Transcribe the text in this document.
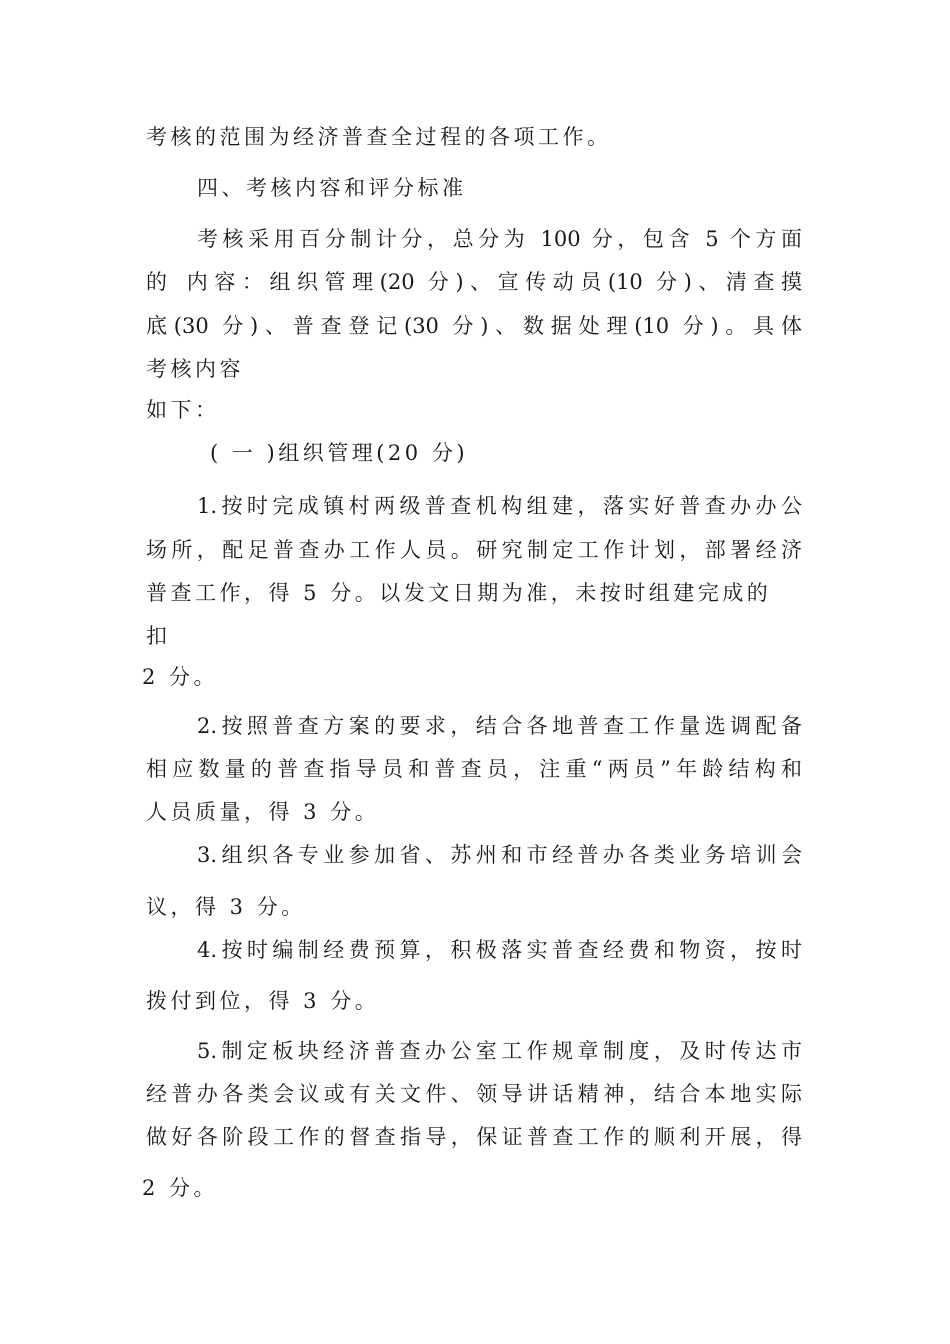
考核的范围为经济普查全过程的各项工作。

四、考核内容和评分标准

考核采用百分制计分，总分为 100 分，包含 5 个方面

的 内容：组织管理(20 分)、宣传动员(10 分)、清查摸

底(30 分)、普查登记(30 分)、数据处理(10 分)。具体

考核内容

如下：

( 一 )组织管理(20 分)

1.按时完成镇村两级普查机构组建，落实好普查办办公

场所，配足普查办工作人员。研究制定工作计划，部署经济

普查工作，得 5 分。以发文日期为准，未按时组建完成的

扣

2 分。

2.按照普查方案的要求，结合各地普查工作量选调配备

相应数量的普查指导员和普查员，注重“两员”年龄结构和

人员质量，得 3 分。

3.组织各专业参加省、苏州和市经普办各类业务培训会

议，得 3 分。

4.按时编制经费预算，积极落实普查经费和物资，按时

拨付到位，得 3 分。

5.制定板块经济普查办公室工作规章制度，及时传达市

经普办各类会议或有关文件、领导讲话精神，结合本地实际

做好各阶段工作的督查指导，保证普查工作的顺利开展，得

2 分。
